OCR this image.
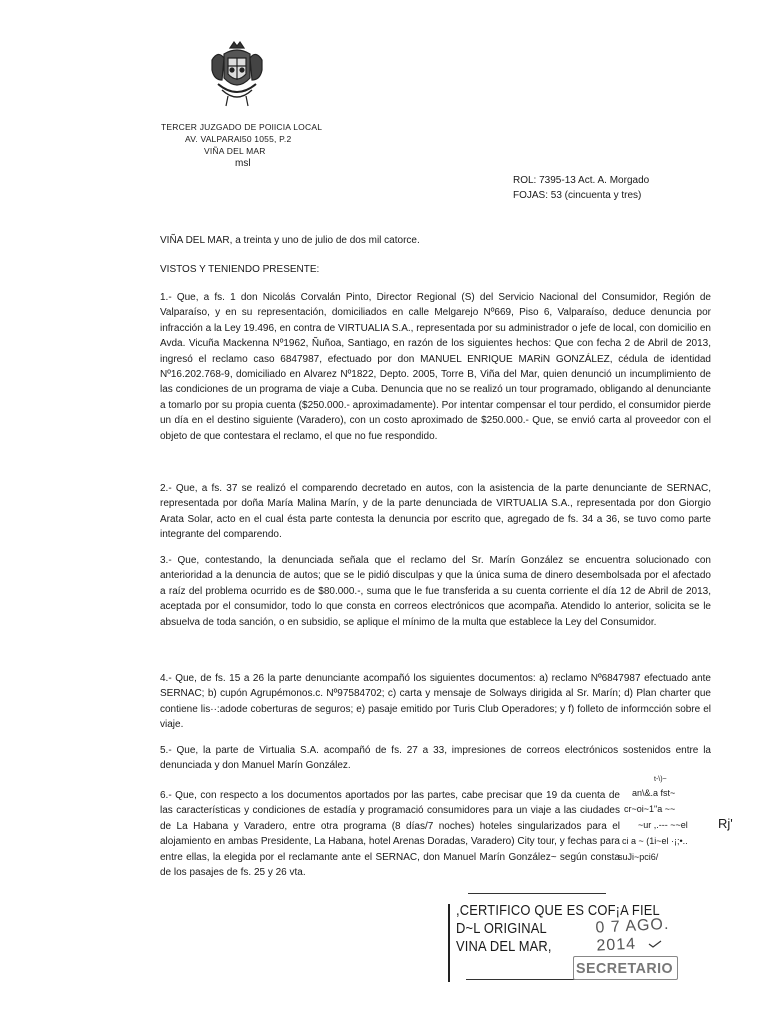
TERCER JUZGADO DE POlICIA LOCAL
AV. VALPARAl50 1055, P.2
VIÑA DEL MAR
msl
ROL: 7395-13 Act. A. Morgado
FOJAS: 53 (cincuenta y tres)
VIÑA DEL MAR, a treinta y uno de julio de dos mil catorce.
VISTOS Y TENIENDO PRESENTE:
1.- Que, a fs. 1 don Nicolás Corvalán Pinto, Director Regional (S) del Servicio Nacional del Consumidor, Región de Valparaíso, y en su representación, domiciliados en calle Melgarejo Nº669, Piso 6, Valparaíso, deduce denuncia por infracción a la Ley 19.496, en contra de VIRTUALIA S.A., representada por su administrador o jefe de local, con domicilio en Avda. Vicuña Mackenna Nº1962, Ñuñoa, Santiago, en razón de los siguientes hechos: Que con fecha 2 de Abril de 2013, ingresó el reclamo caso 6847987, efectuado por don MANUEL ENRIQUE MARiN GONZÁLEZ, cédula de identidad Nº16.202.768-9, domiciliado en Alvarez Nº1822, Depto. 2005, Torre B, Viña del Mar, quien denunció un incumplimiento de las condiciones de un programa de viaje a Cuba. Denuncia que no se realizó un tour programado, obligando al denunciante a tomarlo por su propia cuenta ($250.000.- aproximadamente). Por intentar compensar el tour perdido, el consumidor pierde un día en el destino siguiente (Varadero), con un costo aproximado de $250.000.- Que, se envió carta al proveedor con el objeto de que contestara el reclamo, el que no fue respondido.
2.- Que, a fs. 37 se realizó el comparendo decretado en autos, con la asistencia de la parte denunciante de SERNAC, representada por doña María Malina Marín, y de la parte denunciada de VIRTUALIA S.A., representada por don Giorgio Arata Solar, acto en el cual ésta parte contesta la denuncia por escrito que, agregado de fs. 34 a 36, se tuvo como parte integrante del comparendo.
3.- Que, contestando, la denunciada señala que el reclamo del Sr. Marín González se encuentra solucionado con anterioridad a la denuncia de autos; que se le pidió disculpas y que la única suma de dinero desembolsada por el afectado a raíz del problema ocurrido es de $80.000.-, suma que le fue transferida a su cuenta corriente el día 12 de Abril de 2013, aceptada por el consumidor, todo lo que consta en correos electrónicos que acompaña. Atendido lo anterior, solicita se le absuelva de toda sanción, o en subsidio, se aplique el mínimo de la multa que establece la Ley del Consumidor.
4.- Que, de fs. 15 a 26 la parte denunciante acompañó los siguientes documentos: a) reclamo Nº6847987 efectuado ante SERNAC; b) cupón Agrupémonos.c. Nº97584702; c) carta y mensaje de Solways dirigida al Sr. Marín; d) Plan charter que contiene lis··:adode coberturas de seguros; e) pasaje emitido por Turis Club Operadores; y f) folleto de informcción sobre el viaje.
5.- Que, la parte de Virtualia S.A. acompañó de fs. 27 a 33, impresiones de correos electrónicos sostenidos entre la denunciada y don Manuel Marín González.
6.- Que, con respecto a los documentos aportados por las partes, cabe precisar que 19 da cuenta de las características y condiciones de estadía y programació consumidores para un viaje a las ciudades de La Habana y Varadero, entre otra programa (8 días/7 noches) hoteles singularizados para el alojamiento en ambas Presidente, La Habana, hotel Arenas Doradas, Varadero) City tour, y fechas para entre ellas, la elegida por el reclamante ante el SERNAC, don Manuel Marín González~ según consta de los pasajes de fs. 25 y 26 vta.
t-\)~
an\&.a fst~
cr~oi~1"a ~~
~ur ,.--- ~~el
ci a ~ (1i~el ·¡;•..
suJi~pci6/
Rj'
,CERTIFICO QUE ES COF¡A FIEL
D~L ORIGINAL
VINA DEL MAR,
0 7 AGO. 2014
SECRETARIO
